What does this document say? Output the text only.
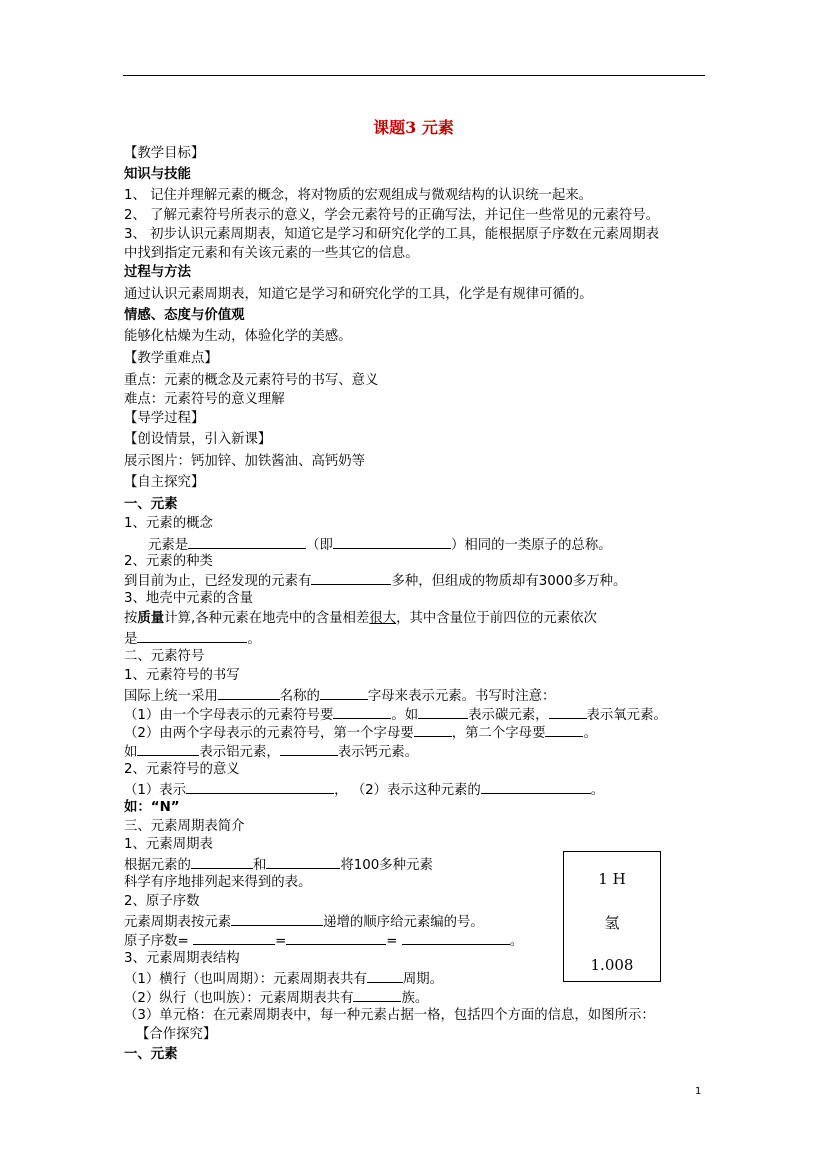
课题3 元素
【教学目标】
知识与技能
1、 记住并理解元素的概念，将对物质的宏观组成与微观结构的认识统一起来。
2、 了解元素符号所表示的意义，学会元素符号的正确写法，并记住一些常见的元素符号。
3、 初步认识元素周期表，知道它是学习和研究化学的工具，能根据原子序数在元素周期表
中找到指定元素和有关该元素的一些其它的信息。
过程与方法
通过认识元素周期表，知道它是学习和研究化学的工具，化学是有规律可循的。
情感、态度与价值观
能够化枯燥为生动，体验化学的美感。
【教学重难点】
重点：元素的概念及元素符号的书写、意义
难点：元素符号的意义理解
【导学过程】
【创设情景，引入新课】
展示图片：钙加锌、加铁酱油、高钙奶等
【自主探究】
一、元素
1、元素的概念
元素是	（即	）相同的一类原子的总称。
2、元素的种类
到目前为止，已经发现的元素有	多种，但组成的物质却有3000多万种。
3、地壳中元素的含量
按质量计算,各种元素在地壳中的含量相差很大，其中含量位于前四位的元素依次
是	。
二、元素符号
1、元素符号的书写
国际上统一采用	名称的	字母来表示元素。书写时注意：
（1）由一个字母表示的元素符号要	。如	表示碳元素，	表示氧元素。
（2）由两个字母表示的元素符号，第一个字母要	，第二个字母要	。
如	表示铝元素，	表示钙元素。
2、元素符号的意义
（1）表示	， （2）表示这种元素的	。
如：“N”
三、元素周期表简介
1、元素周期表
根据元素的	和	将100多种元素
科学有序地排列起来得到的表。
2、原子序数
元素周期表按元素	递增的顺序给元素编的号。
原子序数=	=	=	。
3、元素周期表结构
（1）横行（也叫周期）：元素周期表共有	周期。
（2）纵行（也叫族）：元素周期表共有	族。
（3）单元格：在元素周期表中，每一种元素占据一格，包括四个方面的信息，如图所示：
【合作探究】
一、元素
1 H
氢
1.008
1
